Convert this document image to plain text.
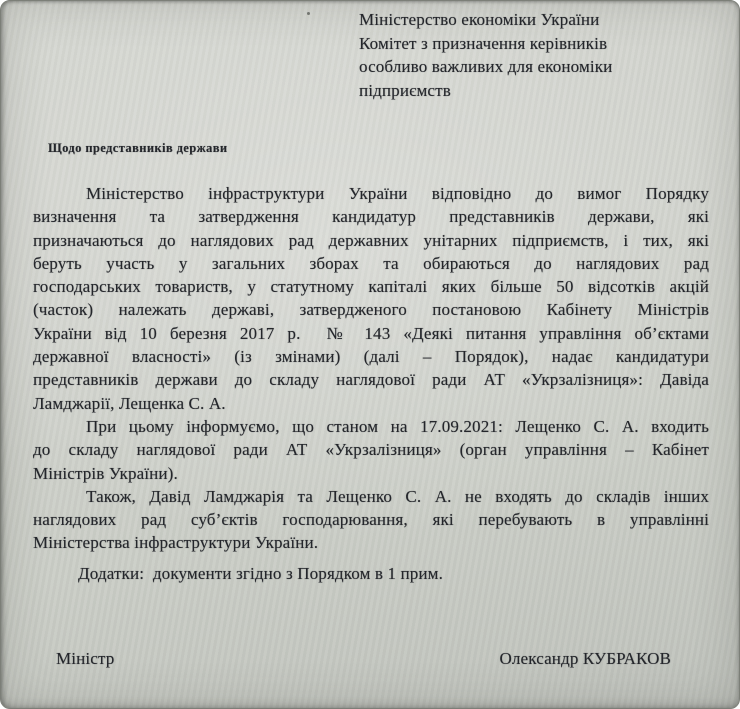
Міністерство економіки України
Комітет з призначення керівників
особливо важливих для економіки
підприємств
Щодо представників держави
Міністерство інфраструктури України відповідно до вимог Порядку
визначення та затвердження кандидатур представників держави, які
призначаються до наглядових рад державних унітарних підприємств, і тих, які
беруть участь у загальних зборах та обираються до наглядових рад
господарських товариств, у статутному капіталі яких більше 50 відсотків акцій
(часток) належать державі, затвердженого постановою Кабінету Міністрів
України від 10 березня 2017 р.  № 143 «Деякі питання управління об’єктами
державної власності» (із змінами) (далі – Порядок), надає кандидатури
представників держави до складу наглядової ради АТ «Укрзалізниця»: Давіда
Ламджарії, Лещенка С. А.
При цьому інформуємо, що станом на 17.09.2021: Лещенко С. А. входить
до складу наглядової ради АТ «Укрзалізниця» (орган управління – Кабінет
Міністрів України).
Також, Давід Ламджарія та Лещенко С. А. не входять до складів інших
наглядових рад суб’єктів господарювання, які перебувають в управлінні
Міністерства інфраструктури України.
Додатки:  документи згідно з Порядком в 1 прим.
Міністр	Олександр КУБРАКОВ
